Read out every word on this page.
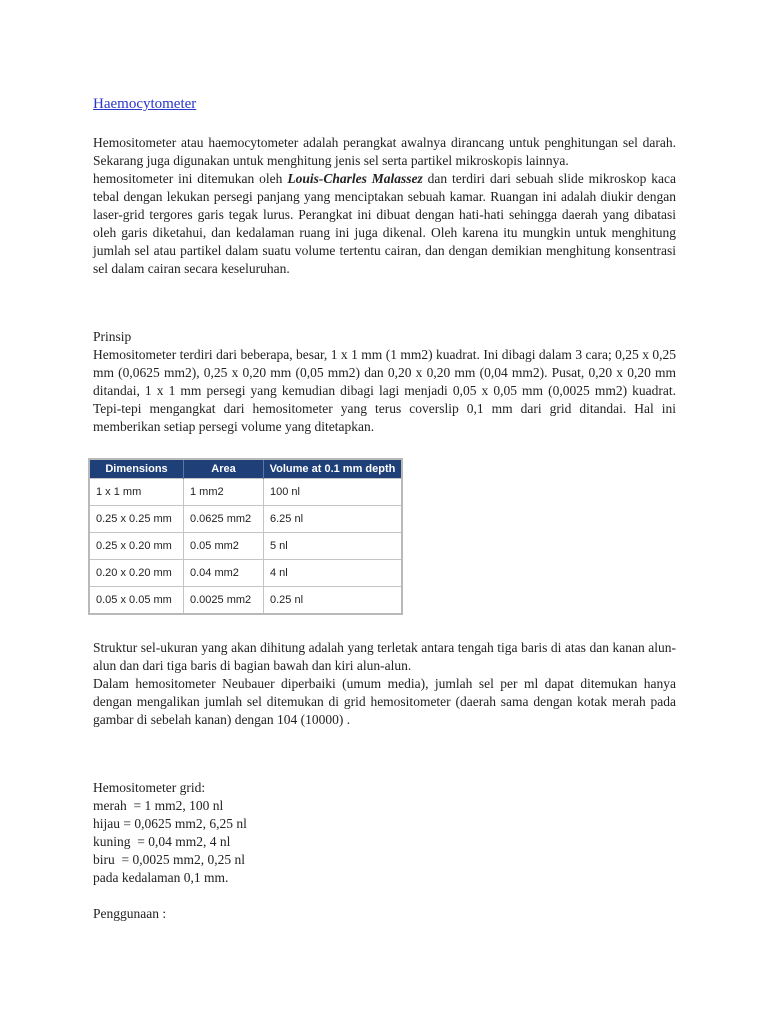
Haemocytometer

Hemositometer atau haemocytometer adalah perangkat awalnya dirancang untuk penghitungan sel darah. Sekarang juga digunakan untuk menghitung jenis sel serta partikel mikroskopis lainnya.

hemositometer ini ditemukan oleh Louis-Charles Malassez dan terdiri dari sebuah slide mikroskop kaca tebal dengan lekukan persegi panjang yang menciptakan sebuah kamar. Ruangan ini adalah diukir dengan laser-grid tergores garis tegak lurus. Perangkat ini dibuat dengan hati-hati sehingga daerah yang dibatasi oleh garis diketahui, dan kedalaman ruang ini juga dikenal. Oleh karena itu mungkin untuk menghitung jumlah sel atau partikel dalam suatu volume tertentu cairan, dan dengan demikian menghitung konsentrasi sel dalam cairan secara keseluruhan.

Prinsip

Hemositometer terdiri dari beberapa, besar, 1 x 1 mm (1 mm2) kuadrat. Ini dibagi dalam 3 cara; 0,25 x 0,25 mm (0,0625 mm2), 0,25 x 0,20 mm (0,05 mm2) dan 0,20 x 0,20 mm (0,04 mm2). Pusat, 0,20 x 0,20 mm ditandai, 1 x 1 mm persegi yang kemudian dibagi lagi menjadi 0,05 x 0,05 mm (0,0025 mm2) kuadrat. Tepi-tepi mengangkat dari hemositometer yang terus coverslip 0,1 mm dari grid ditandai. Hal ini memberikan setiap persegi volume yang ditetapkan.

Dimensions	Area	Volume at 0.1 mm depth
1 x 1 mm	1 mm2	100 nl
0.25 x 0.25 mm	0.0625 mm2	6.25 nl
0.25 x 0.20 mm	0.05 mm2	5 nl
0.20 x 0.20 mm	0.04 mm2	4 nl
0.05 x 0.05 mm	0.0025 mm2	0.25 nl

Struktur sel-ukuran yang akan dihitung adalah yang terletak antara tengah tiga baris di atas dan kanan alun-alun dan dari tiga baris di bagian bawah dan kiri alun-alun.

Dalam hemositometer Neubauer diperbaiki (umum media), jumlah sel per ml dapat ditemukan hanya dengan mengalikan jumlah sel ditemukan di grid hemositometer (daerah sama dengan kotak merah pada gambar di sebelah kanan) dengan 104 (10000) .

Hemositometer grid:

merah  = 1 mm2, 100 nl

hijau = 0,0625 mm2, 6,25 nl

kuning  = 0,04 mm2, 4 nl

biru  = 0,0025 mm2, 0,25 nl

pada kedalaman 0,1 mm.

Penggunaan :
